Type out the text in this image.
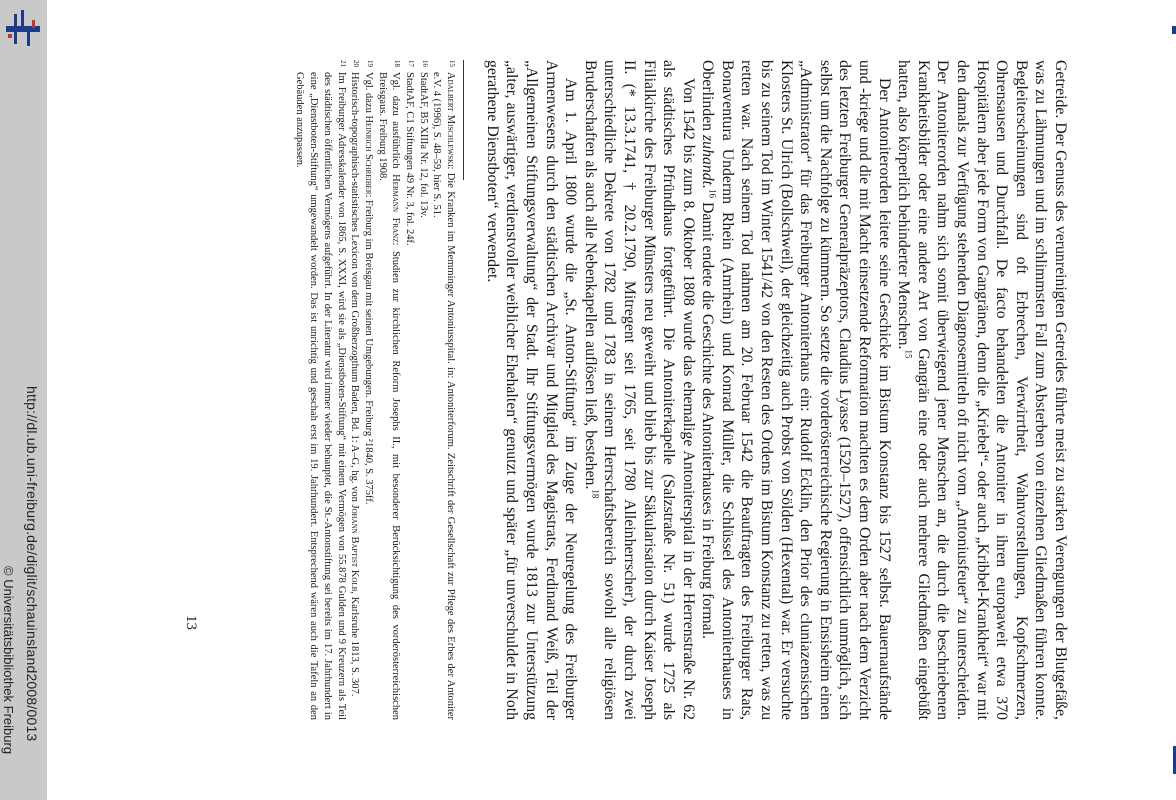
http://dl.ub.uni-freiburg.de/diglit/schauinsland2008/0013
© Universitätsbibliothek Freiburg	Getreide. Der Genuss des verunreinigten Getreides führte meist zu starken Verengungen der Blutgefäße, was zu Lähmungen und im schlimmsten Fall zum Absterben von einzelnen Gliedmaßen führen konnte. Begleiterscheinungen sind oft Erbrechen, Verwirrtheit, Wahnvorstellungen, Kopfschmerzen, Ohrensausen und Durchfall. De facto behandelten die Antoniter in ihren europaweit etwa 370 Hospitälern aber jede Form von Gangränen, denn die „Kriebel“- oder auch „Kribbel-Krankheit“ war mit den damals zur Verfügung stehenden Diagnosemitteln oft nicht vom „Antoniusfeuer“ zu unterscheiden. Der Antoniterorden nahm sich somit überwiegend jener Menschen an, die durch die beschriebenen Krankheitsbilder oder eine andere Art von Gangrän eine oder auch mehrere Gliedmaßen eingebüßt hatten, also körperlich behinderter Menschen.$^{15}$

Der Antoniterorden leitete seine Geschicke im Bistum Konstanz bis 1527 selbst. Bauernaufstände und -kriege und die mit Macht einsetzende Reformation machten es dem Orden aber nach dem Verzicht des letzten Freiburger Generalpräzeptors, Claudius Lyasse (1520–1527), offensichtlich unmöglich, sich selbst um die Nachfolge zu kümmern. So setzte die vorderösterreichische Regierung in Ensisheim einen „Administrator“ für das Freiburger Antoniterhaus ein: Rudolf Ecklin, den Prior des cluniazensischen Klosters St. Ulrich (Bollschweil), der gleichzeitig auch Probst von Sölden (Hexental) war. Er versuchte bis zu seinem Tod im Winter 1541/42 von den Resten des Ordens im Bistum Konstanz zu retten, was zu retten war. Nach seinem Tod nahmen am 20. Februar 1542 die Beauftragten des Freiburger Rats, Bonaventura Undernn Rhein (Amrhein) und Konrad Müller, die Schlüssel des Antoniterhauses in Oberlinden zuhandt.$^{16}$ Damit endete die Geschichte des Antoniterhauses in Freiburg formal.

Von 1542 bis zum 8. Oktober 1808 wurde das ehemalige Antoniterspital in der Herrenstraße Nr. 62 als städtisches Pfründhaus fortgeführt. Die Antoniterkapelle (Salzstraße Nr. 51) wurde 1725 als Filialkirche des Freiburger Münsters neu geweiht und blieb bis zur Säkularisation durch Kaiser Joseph II. (* 13.3.1741, † 20.2.1790, Mitregent seit 1765, seit 1780 Alleinherrscher), der durch zwei unterschiedliche Dekrete von 1782 und 1783 in seinem Herrschaftsbereich sowohl alle religiösen Bruderschaften als auch alle Nebenkapellen auflösen ließ, bestehen.$^{18}$

Am 1. April 1800 wurde die „St. Anton-Stiftung“ im Zuge der Neuregelung des Freiburger Armenwesens durch den städtischen Archivar und Mitglied des Magistrats, Ferdinand Weiß, Teil der „Allgemeinen Stiftungsverwaltung“ der Stadt. Ihr Stiftungsvermögen wurde 1813 zur Unterstützung „alter, auswärtiger, verdienstvoller weiblicher Ehehalten“ genutzt und später „für unverschuldet in Noth gerathene Dienstboten“ verwendet.

15
Adalbert Mischlewski: Die Kranken im Memminger Antoniusspital. in: Antoniterforum. Zeitschrift der Gesellschaft zur Pflege des Erbes der Antoniter e.V. 4 (1996), S. 48–59, hier S. 51.
16
StadtAF, B5 XIIIa Nr. 12, fol. 13v.
17
StadtAF, C1 Stiftungen 49 Nr. 3, fol. 24f.
18
Vgl. dazu ausführlich Hermann Franz: Studien zur kirchlichen Reform Josephs II., mit besonderer Berücksichtigung des vorderösterreichischen Breisgaus. Freiburg 1908.
19
Vgl. dazu Heinrich Schreiber: Freiburg im Breisgau mit seinen Umgebungen. Freiburg ²1840, S. 375ff.
20
Historisch-topographisch-statistisches Lexicon von dem Großherzogthum Baden, Bd. 1: A–G, hg. von Johann Baptist Kolb, Karlsruhe 1813, S. 307.
21
Im Freiburger Adresskalender von 1865, S. XXXI, wird sie als „Dienstboten-Stiftung“ mit einem Vermögen von 55.878 Gulden und 9 Kreuzern als Teil des städtischen öffentlichen Vermögens aufgeführt. In der Literatur wird immer wieder behauptet, die St.-Antonstiftung sei bereits im 17. Jahrhundert in eine „Dienstboten-Stiftung“ umgewandelt worden. Das ist unrichtig und geschah erst im 19. Jahrhundert. Entsprechend wären auch die Tafeln an den Gebäuden anzupassen.
13
